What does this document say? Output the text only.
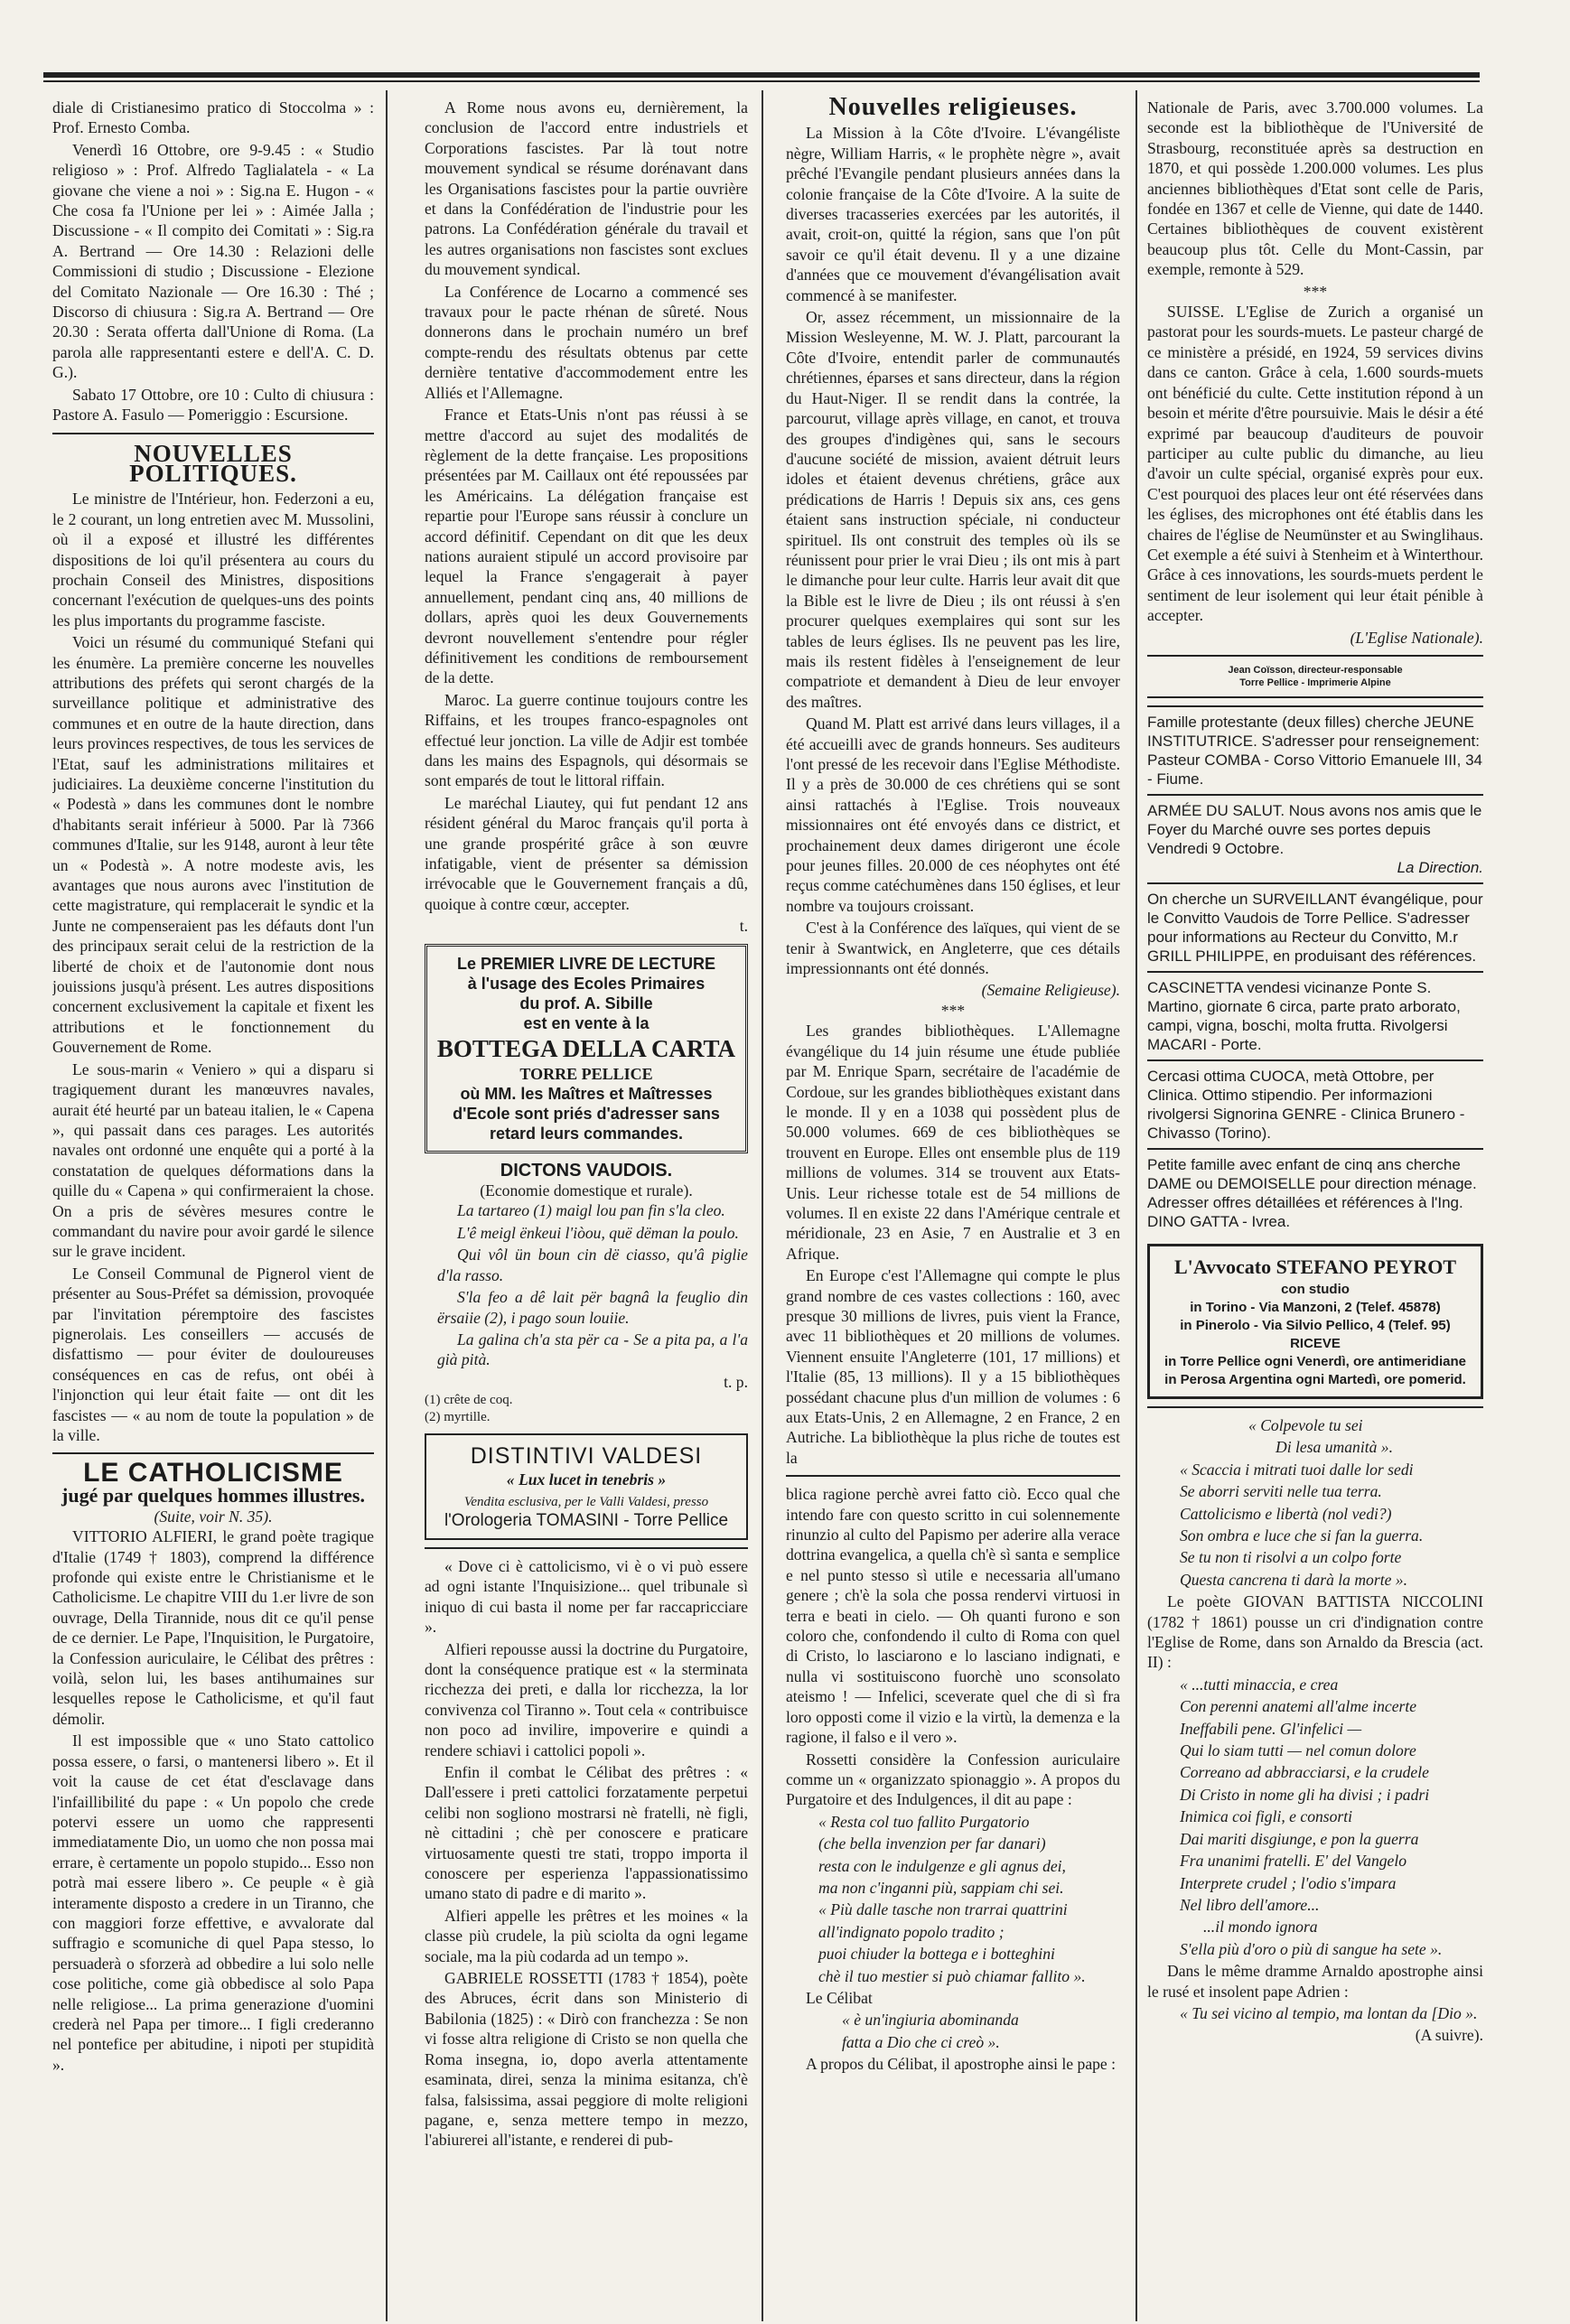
diale di Cristianesimo pratico di Stoccolma » : Prof. Ernesto Comba.

Venerdì 16 Ottobre, ore 9-9.45 : « Studio religioso » : Prof. Alfredo Taglialatela - « La giovane che viene a noi » : Sig.na E. Hugon - « Che cosa fa l'Unione per lei » : Aimée Jalla ; Discussione - « Il compito dei Comitati » : Sig.ra A. Bertrand — Ore 14.30 : Relazioni delle Commissioni di studio ; Discussione - Elezione del Comitato Nazionale — Ore 16.30 : Thé ; Discorso di chiusura : Sig.ra A. Bertrand — Ore 20.30 : Serata offerta dall'Unione di Roma. (La parola alle rappresentanti estere e dell'A. C. D. G.).

Sabato 17 Ottobre, ore 10 : Culto di chiusura : Pastore A. Fasulo — Pomeriggio : Escursione.

NOUVELLES POLITIQUES.

Le ministre de l'Intérieur, hon. Federzoni a eu, le 2 courant, un long entretien avec M. Mussolini, où il a exposé et illustré les différentes dispositions de loi qu'il présentera au cours du prochain Conseil des Ministres, dispositions concernant l'exécution de quelques-uns des points les plus importants du programme fasciste.

Voici un résumé du communiqué Stefani qui les énumère. La première concerne les nouvelles attributions des préfets qui seront chargés de la surveillance politique et administrative des communes et en outre de la haute direction, dans leurs provinces respectives, de tous les services de l'Etat, sauf les administrations militaires et judiciaires. La deuxième concerne l'institution du « Podestà » dans les communes dont le nombre d'habitants serait inférieur à 5000. Par là 7366 communes d'Italie, sur les 9148, auront à leur tête un « Podestà ». A notre modeste avis, les avantages que nous aurons avec l'institution de cette magistrature, qui remplacerait le syndic et la Junte ne compenseraient pas les défauts dont l'un des principaux serait celui de la restriction de la liberté de choix et de l'autonomie dont nous jouissions jusqu'à présent. Les autres dispositions concernent exclusivement la capitale et fixent les attributions et le fonctionnement du Gouvernement de Rome.

Le sous-marin « Veniero » qui a disparu si tragiquement durant les manœuvres navales, aurait été heurté par un bateau italien, le « Capena », qui passait dans ces parages. Les autorités navales ont ordonné une enquête qui a porté à la constatation de quelques déformations dans la quille du « Capena » qui confirmeraient la chose. On a pris de sévères mesures contre le commandant du navire pour avoir gardé le silence sur le grave incident.

Le Conseil Communal de Pignerol vient de présenter au Sous-Préfet sa démission, provoquée par l'invitation péremptoire des fascistes pignerolais. Les conseillers — accusés de disfattismo — pour éviter de douloureuses conséquences en cas de refus, ont obéi à l'injonction qui leur était faite — ont dit les fascistes — « au nom de toute la population » de la ville.

LE CATHOLICISME
jugé par quelques hommes illustres.
(Suite, voir N. 35).

VITTORIO ALFIERI, le grand poète tragique d'Italie (1749 † 1803), comprend la différence profonde qui existe entre le Christianisme et le Catholicisme. Le chapitre VIII du 1.er livre de son ouvrage, Della Tirannide, nous dit ce qu'il pense de ce dernier. Le Pape, l'Inquisition, le Purgatoire, la Confession auriculaire, le Célibat des prêtres : voilà, selon lui, les bases antihumaines sur lesquelles repose le Catholicisme, et qu'il faut démolir.

Il est impossible que « uno Stato cattolico possa essere, o farsi, o mantenersi libero ». Et il voit la cause de cet état d'esclavage dans l'infaillibilité du pape : « Un popolo che crede potervi essere un uomo che rappresenti immediatamente Dio, un uomo che non possa mai errare, è certamente un popolo stupido... Esso non potrà mai essere libero ». Ce peuple « è già interamente disposto a credere in un Tiranno, che con maggiori forze effettive, e avvalorate dal suffragio e scomuniche di quel Papa stesso, lo persuaderà o sforzerà ad obbedire a lui solo nelle cose politiche, come già obbedisce al solo Papa nelle religiose... La prima generazione d'uomini crederà nel Papa per timore... I figli crederanno nel pontefice per abitudine, i nipoti per stupidità ».

A Rome nous avons eu, dernièrement, la conclusion de l'accord entre industriels et Corporations fascistes. Par là tout notre mouvement syndical se résume dorénavant dans les Organisations fascistes pour la partie ouvrière et dans la Confédération de l'industrie pour les patrons. La Confédération générale du travail et les autres organisations non fascistes sont exclues du mouvement syndical.

La Conférence de Locarno a commencé ses travaux pour le pacte rhénan de sûreté. Nous donnerons dans le prochain numéro un bref compte-rendu des résultats obtenus par cette dernière tentative d'accommodement entre les Alliés et l'Allemagne.

France et Etats-Unis n'ont pas réussi à se mettre d'accord au sujet des modalités de règlement de la dette française. Les propositions présentées par M. Caillaux ont été repoussées par les Américains. La délégation française est repartie pour l'Europe sans réussir à conclure un accord définitif. Cependant on dit que les deux nations auraient stipulé un accord provisoire par lequel la France s'engagerait à payer annuellement, pendant cinq ans, 40 millions de dollars, après quoi les deux Gouvernements devront nouvellement s'entendre pour régler définitivement les conditions de remboursement de la dette.

Maroc. La guerre continue toujours contre les Riffains, et les troupes franco-espagnoles ont effectué leur jonction. La ville de Adjir est tombée dans les mains des Espagnols, qui désormais se sont emparés de tout le littoral riffain.

Le maréchal Liautey, qui fut pendant 12 ans résident général du Maroc français qu'il porta à une grande prospérité grâce à son œuvre infatigable, vient de présenter sa démission irrévocable que le Gouvernement français a dû, quoique à contre cœur, accepter.

t.
Le PREMIER LIVRE DE LECTURE
à l'usage des Ecoles Primaires
du prof. A. Sibille
est en vente à la
BOTTEGA DELLA CARTA
TORRE PELLICE
où MM. les Maîtres et Maîtresses d'Ecole sont priés d'adresser sans retard leurs commandes.
DICTONS VAUDOIS.
(Economie domestique et rurale).

La tartareo (1) maigl lou pan fin s'la cleo.

L'ê meigl ënkeui l'iòou, quë dëman la poulo.

Qui vôl ün boun cin dë ciasso, qu'â piglie d'la rasso.

S'la feo a dê lait për bagnâ la feuglio din ërsaiie (2), i pago soun louiie.

La galina ch'a sta për ca - Se a pita pa, a l'a già pità.

t. p.
(1) crête de coq.
(2) myrtille.
DISTINTIVI VALDESI
« Lux lucet in tenebris »
Vendita esclusiva, per le Valli Valdesi, presso
l'Orologeria TOMASINI - Torre Pellice

« Dove ci è cattolicismo, vi è o vi può essere ad ogni istante l'Inquisizione... quel tribunale sì iniquo di cui basta il nome per far raccapricciare ».

Alfieri repousse aussi la doctrine du Purgatoire, dont la conséquence pratique est « la sterminata ricchezza dei preti, e dalla lor ricchezza, la lor convivenza col Tiranno ». Tout cela « contribuisce non poco ad invilire, impoverire e quindi a rendere schiavi i cattolici popoli ».

Enfin il combat le Célibat des prêtres : « Dall'essere i preti cattolici forzatamente perpetui celibi non sogliono mostrarsi nè fratelli, nè figli, nè cittadini ; chè per conoscere e praticare virtuosamente questi tre stati, troppo importa il conoscere per esperienza l'appassionatissimo umano stato di padre e di marito ».

Alfieri appelle les prêtres et les moines « la classe più crudele, la più sciolta da ogni legame sociale, ma la più codarda ad un tempo ».

GABRIELE ROSSETTI (1783 † 1854), poète des Abruces, écrit dans son Ministerio di Babilonia (1825) : « Dirò con franchezza : Se non vi fosse altra religione di Cristo se non quella che Roma insegna, io, dopo averla attentamente esaminata, direi, senza la minima esitanza, ch'è falsa, falsissima, assai peggiore di molte religioni pagane, e, senza mettere tempo in mezzo, l'abiurerei all'istante, e renderei di pub-

Nouvelles religieuses.

La Mission à la Côte d'Ivoire. L'évangéliste nègre, William Harris, « le prophète nègre », avait prêché l'Evangile pendant plusieurs années dans la colonie française de la Côte d'Ivoire. A la suite de diverses tracasseries exercées par les autorités, il avait, croit-on, quitté la région, sans que l'on pût savoir ce qu'il était devenu. Il y a une dizaine d'années que ce mouvement d'évangélisation avait commencé à se manifester.

Or, assez récemment, un missionnaire de la Mission Wesleyenne, M. W. J. Platt, parcourant la Côte d'Ivoire, entendit parler de communautés chrétiennes, éparses et sans directeur, dans la région du Haut-Niger. Il se rendit dans la contrée, la parcourut, village après village, en canot, et trouva des groupes d'indigènes qui, sans le secours d'aucune société de mission, avaient détruit leurs idoles et étaient devenus chrétiens, grâce aux prédications de Harris ! Depuis six ans, ces gens étaient sans instruction spéciale, ni conducteur spirituel. Ils ont construit des temples où ils se réunissent pour prier le vrai Dieu ; ils ont mis à part le dimanche pour leur culte. Harris leur avait dit que la Bible est le livre de Dieu ; ils ont réussi à s'en procurer quelques exemplaires qui sont sur les tables de leurs églises. Ils ne peuvent pas les lire, mais ils restent fidèles à l'enseignement de leur compatriote et demandent à Dieu de leur envoyer des maîtres.

Quand M. Platt est arrivé dans leurs villages, il a été accueilli avec de grands honneurs. Ses auditeurs l'ont pressé de les recevoir dans l'Eglise Méthodiste. Il y a près de 30.000 de ces chrétiens qui se sont ainsi rattachés à l'Eglise. Trois nouveaux missionnaires ont été envoyés dans ce district, et prochainement deux dames dirigeront une école pour jeunes filles. 20.000 de ces néophytes ont été reçus comme catéchumènes dans 150 églises, et leur nombre va toujours croissant.

C'est à la Conférence des laïques, qui vient de se tenir à Swantwick, en Angleterre, que ces détails impressionnants ont été donnés.

(Semaine Religieuse).
***

Les grandes bibliothèques. L'Allemagne évangélique du 14 juin résume une étude publiée par M. Enrique Sparn, secrétaire de l'académie de Cordoue, sur les grandes bibliothèques existant dans le monde. Il y en a 1038 qui possèdent plus de 50.000 volumes. 669 de ces bibliothèques se trouvent en Europe. Elles ont ensemble plus de 119 millions de volumes. 314 se trouvent aux Etats-Unis. Leur richesse totale est de 54 millions de volumes. Il en existe 22 dans l'Amérique centrale et méridionale, 23 en Asie, 7 en Australie et 3 en Afrique.

En Europe c'est l'Allemagne qui compte le plus grand nombre de ces vastes collections : 160, avec presque 30 millions de livres, puis vient la France, avec 11 bibliothèques et 20 millions de volumes. Viennent ensuite l'Angleterre (101, 17 millions) et l'Italie (85, 13 millions). Il y a 15 bibliothèques possédant chacune plus d'un million de volumes : 6 aux Etats-Unis, 2 en Allemagne, 2 en France, 2 en Autriche. La bibliothèque la plus riche de toutes est la

blica ragione perchè avrei fatto ciò. Ecco qual che intendo fare con questo scritto in cui solennemente rinunzio al culto del Papismo per aderire alla verace dottrina evangelica, a quella ch'è sì santa e semplice e nel punto stesso sì utile e necessaria all'umano genere ; ch'è la sola che possa rendervi virtuosi in terra e beati in cielo. — Oh quanti furono e son coloro che, confondendo il culto di Roma con quel di Cristo, lo lasciarono e lo lasciano indignati, e nulla vi sostituiscono fuorchè uno sconsolato ateismo ! — Infelici, sceverate quel che di sì fra loro opposti come il vizio e la virtù, la demenza e la ragione, il falso e il vero ».

Rossetti considère la Confession auriculaire comme un « organizzato spionaggio ». A propos du Purgatoire et des Indulgences, il dit au pape :

« Resta col tuo fallito Purgatorio

(che bella invenzion per far danari)

resta con le indulgenze e gli agnus dei,

ma non c'inganni più, sappiam chi sei.

« Più dalle tasche non trarrai quattrini

all'indignato popolo tradito ;

puoi chiuder la bottega e i botteghini

chè il tuo mestier si può chiamar fallito ».

Le Célibat

« è un'ingiuria abominanda

fatta a Dio che ci creò ».

A propos du Célibat, il apostrophe ainsi le pape :

Nationale de Paris, avec 3.700.000 volumes. La seconde est la bibliothèque de l'Université de Strasbourg, reconstituée après sa destruction en 1870, et qui possède 1.200.000 volumes. Les plus anciennes bibliothèques d'Etat sont celle de Paris, fondée en 1367 et celle de Vienne, qui date de 1440. Certaines bibliothèques de couvent existèrent beaucoup plus tôt. Celle du Mont-Cassin, par exemple, remonte à 529.

***

SUISSE. L'Eglise de Zurich a organisé un pastorat pour les sourds-muets. Le pasteur chargé de ce ministère a présidé, en 1924, 59 services divins dans ce canton. Grâce à cela, 1.600 sourds-muets ont bénéficié du culte. Cette institution répond à un besoin et mérite d'être poursuivie. Mais le désir a été exprimé par beaucoup d'auditeurs de pouvoir participer au culte public du dimanche, au lieu d'avoir un culte spécial, organisé exprès pour eux. C'est pourquoi des places leur ont été réservées dans les églises, des microphones ont été établis dans les chaires de l'église de Neumünster et au Swinglihaus. Cet exemple a été suivi à Stenheim et à Winterthour. Grâce à ces innovations, les sourds-muets perdent le sentiment de leur isolement qui leur était pénible à accepter.

(L'Eglise Nationale).
Jean Coïsson, directeur-responsable
Torre Pellice - Imprimerie Alpine
Famille protestante (deux filles) cherche JEUNE INSTITUTRICE. S'adresser pour renseignement: Pasteur COMBA - Corso Vittorio Emanuele III, 34 - Fiume.
ARMÉE DU SALUT. Nous avons nos amis que le Foyer du Marché ouvre ses portes depuis Vendredi 9 Octobre.
La Direction.
On cherche un SURVEILLANT évangélique, pour le Convitto Vaudois de Torre Pellice. S'adresser pour informations au Recteur du Convitto, M.r GRILL PHILIPPE, en produisant des références.
CASCINETTA vendesi vicinanze Ponte S. Martino, giornate 6 circa, parte prato arborato, campi, vigna, boschi, molta frutta. Rivolgersi MACARI - Porte.
Cercasi ottima CUOCA, metà Ottobre, per Clinica. Ottimo stipendio. Per informazioni rivolgersi Signorina GENRE - Clinica Brunero - Chivasso (Torino).
Petite famille avec enfant de cinq ans cherche DAME ou DEMOISELLE pour direction ménage. Adresser offres détaillées et références à l'Ing. DINO GATTA - Ivrea.
L'Avvocato STEFANO PEYROT
con studio
in Torino - Via Manzoni, 2 (Telef. 45878)
in Pinerolo - Via Silvio Pellico, 4 (Telef. 95)
RICEVE
in Torre Pellice ogni Venerdì, ore antimeridiane
in Perosa Argentina ogni Martedì, ore pomerid.

« Colpevole tu sei

Di lesa umanità ».

« Scaccia i mitrati tuoi dalle lor sedi

Se aborri serviti nelle tua terra.

Cattolicismo e libertà (nol vedi?)

Son ombra e luce che si fan la guerra.

Se tu non ti risolvi a un colpo forte

Questa cancrena ti darà la morte ».

Le poète GIOVAN BATTISTA NICCOLINI (1782 † 1861) pousse un cri d'indignation contre l'Eglise de Rome, dans son Arnaldo da Brescia (act. II) :

« ...tutti minaccia, e crea

Con perenni anatemi all'alme incerte

Ineffabili pene. Gl'infelici —

Qui lo siam tutti — nel comun dolore

Correano ad abbracciarsi, e la crudele

Di Cristo in nome gli ha divisi ; i padri

Inimica coi figli, e consorti

Dai mariti disgiunge, e pon la guerra

Fra unanimi fratelli. E' del Vangelo

Interprete crudel ; l'odio s'impara

Nel libro dell'amore...

...il mondo ignora

S'ella più d'oro o più di sangue ha sete ».

Dans le même dramme Arnaldo apostrophe ainsi le rusé et insolent pape Adrien :

« Tu sei vicino al tempio, ma lontan da [Dio ».

(A suivre).
